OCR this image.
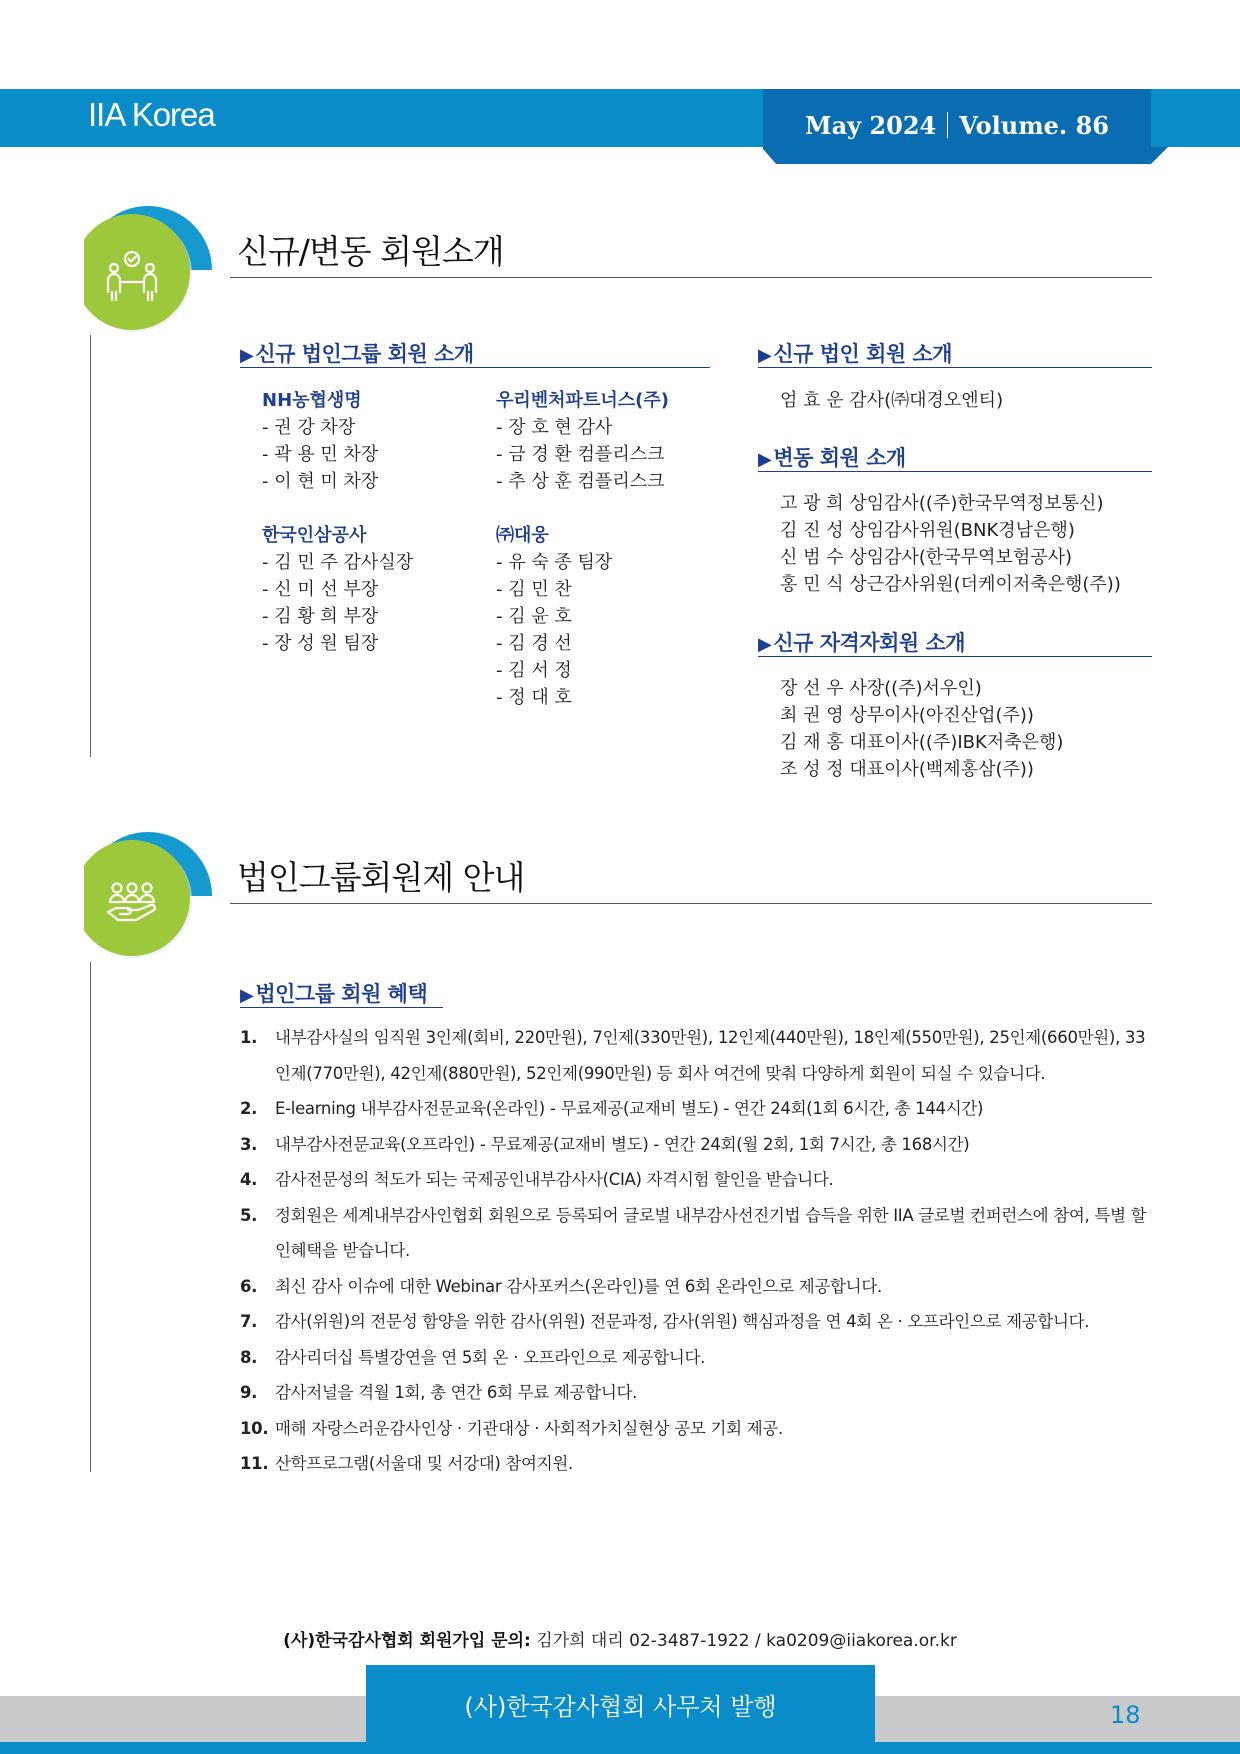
IIA Korea	May 2024 Volume. 86
신규/변동 회원소개
▶ 신규 법인그룹 회원 소개
NH농협생명
- 권 강 차장
- 곽 용 민 차장
- 이 현 미 차장
한국인삼공사
- 김 민 주 감사실장
- 신 미 선 부장
- 김 황 희 부장
- 장 성 원 팀장
우리벤처파트너스(주)
- 장 호 현 감사
- 금 경 환 컴플리스크
- 추 상 훈 컴플리스크
㈜대웅
- 유 숙 종 팀장
- 김 민 찬
- 김 윤 호
- 김 경 선
- 김 서 정
- 정 대 호
▶ 신규 법인 회원 소개
엄 효 운 감사(㈜대경오엔티)
▶ 변동 회원 소개
고 광 희 상임감사((주)한국무역정보통신)
김 진 성 상임감사위원(BNK경남은행)
신 범 수 상임감사(한국무역보험공사)
홍 민 식 상근감사위원(더케이저축은행(주))
▶ 신규 자격자회원 소개
장 선 우 사장((주)서우인)
최 권 영 상무이사(아진산업(주))
김 재 홍 대표이사((주)IBK저축은행)
조 성 정 대표이사(백제홍삼(주))
법인그룹회원제 안내
▶ 법인그룹 회원 혜택
1.	내부감사실의 임직원 3인제(회비, 220만원), 7인제(330만원), 12인제(440만원), 18인제(550만원), 25인제(660만원), 33인제(770만원), 42인제(880만원), 52인제(990만원) 등 회사 여건에 맞춰 다양하게 회원이 되실 수 있습니다.
2.	E-learning 내부감사전문교육(온라인) - 무료제공(교재비 별도) - 연간 24회(1회 6시간, 총 144시간)
3.	내부감사전문교육(오프라인) - 무료제공(교재비 별도) - 연간 24회(월 2회, 1회 7시간, 총 168시간)
4.	감사전문성의 척도가 되는 국제공인내부감사사(CIA) 자격시험 할인을 받습니다.
5.	정회원은 세계내부감사인협회 회원으로 등록되어 글로벌 내부감사선진기법 습득을 위한 IIA 글로벌 컨퍼런스에 참여, 특별 할인혜택을 받습니다.
6.	최신 감사 이슈에 대한 Webinar 감사포커스(온라인)를 연 6회 온라인으로 제공합니다.
7.	감사(위원)의 전문성 함양을 위한 감사(위원) 전문과정, 감사(위원) 핵심과정을 연 4회 온 · 오프라인으로 제공합니다.
8.	감사리더십 특별강연을 연 5회 온 · 오프라인으로 제공합니다.
9.	감사저널을 격월 1회, 총 연간 6회 무료 제공합니다.
10. 매해 자랑스러운감사인상 · 기관대상 · 사회적가치실현상 공모 기회 제공.
11. 산학프로그램(서울대 및 서강대) 참여지원.
(사)한국감사협회 회원가입 문의: 김가희 대리 02-3487-1922 / ka0209@iiakorea.or.kr
(사)한국감사협회 사무처 발행	18
